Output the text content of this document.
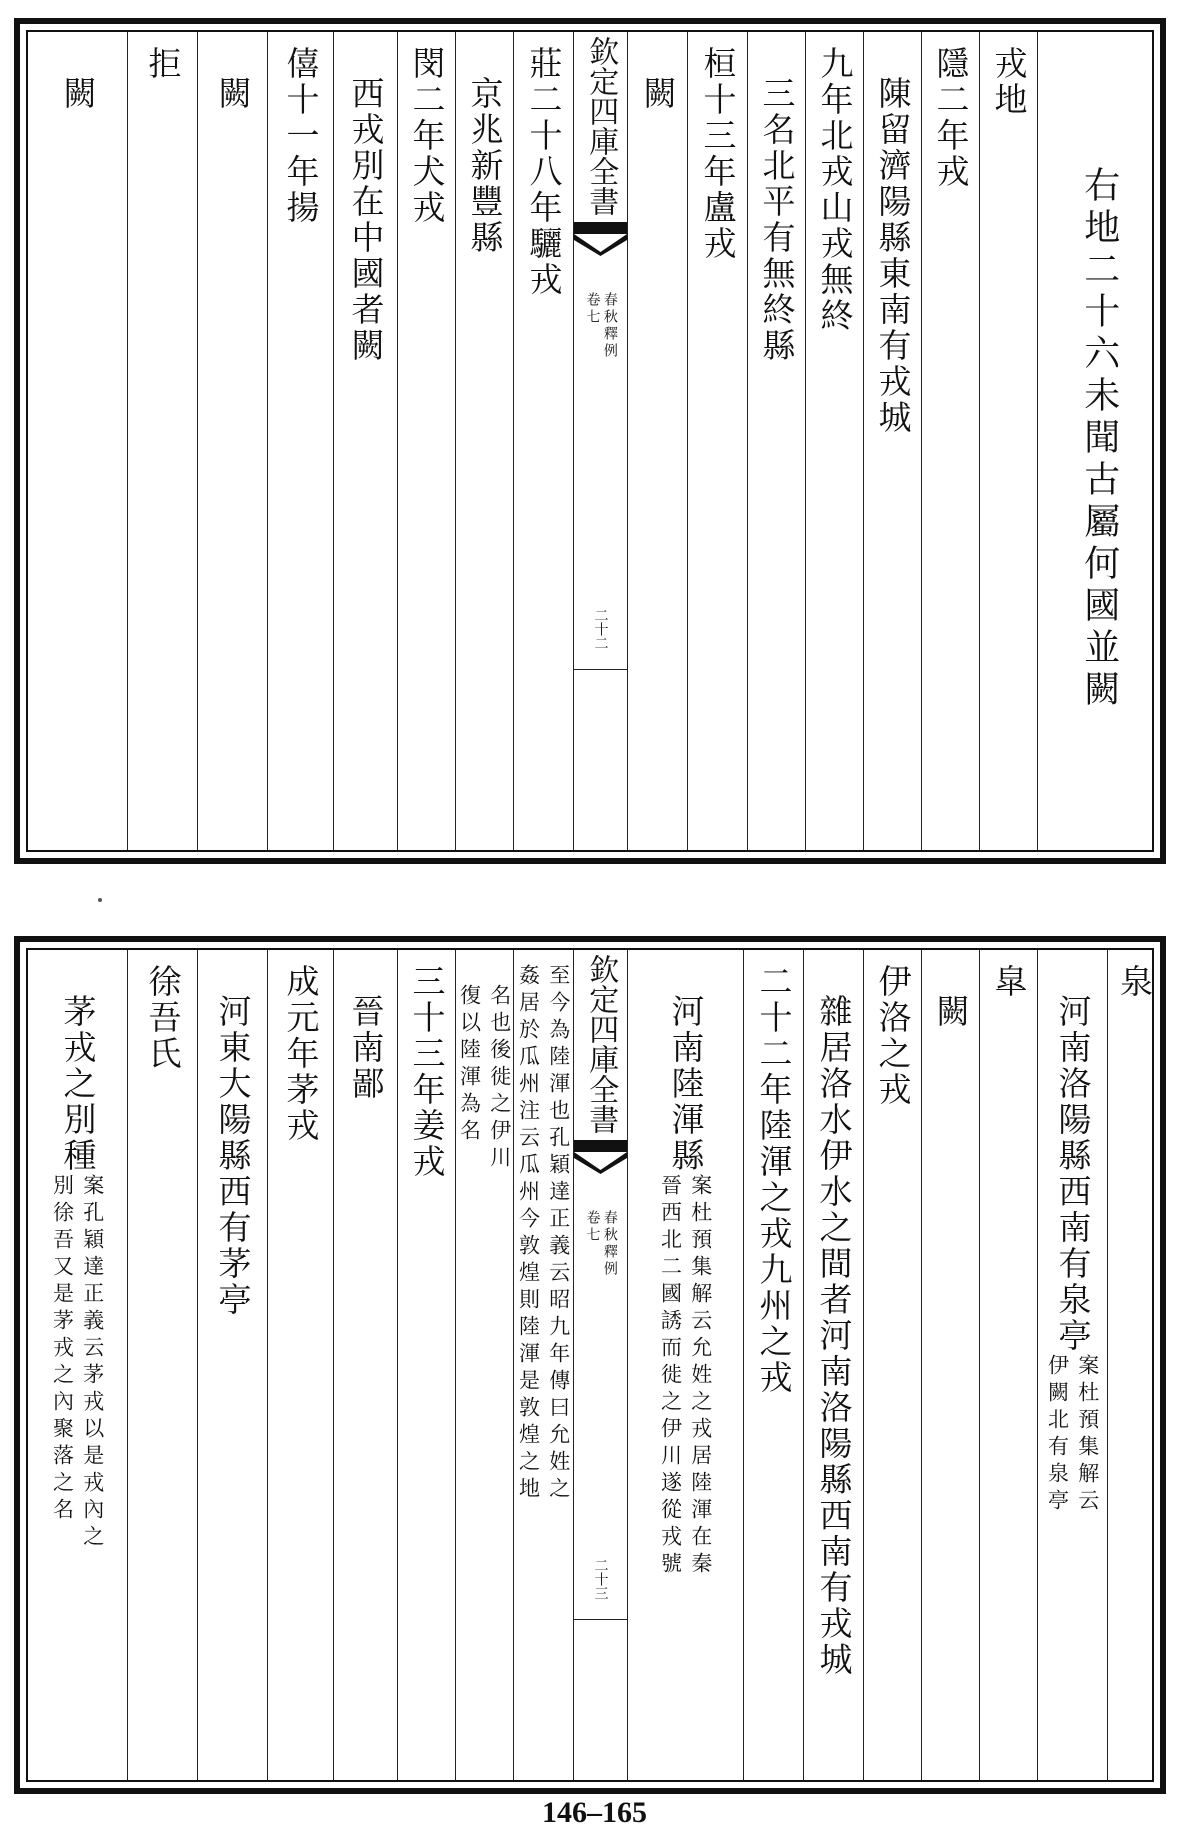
右地二十六未聞古屬何國並闕
戎地
隱二年戎
陳留濟陽縣東南有戎城
九年北戎山戎無終
三名北平有無終縣
桓十三年盧戎
闕
欽定四庫全書
春秋釋例
卷七
二十二
莊二十八年驪戎
京兆新豐縣
閔二年犬戎
西戎別在中國者闕
僖十一年揚
闕
拒
闕
泉
河南洛陽縣西南有泉亭
案杜預集解云
伊闕北有泉亭
皐
闕
伊洛之戎
雜居洛水伊水之間者河南洛陽縣西南有戎城
二十二年陸渾之戎九州之戎
河南陸渾縣
案杜預集解云允姓之戎居陸渾在秦
晉西北二國誘而徙之伊川遂從戎號
欽定四庫全書
春秋釋例
卷七
二十三
至今為陸渾也孔穎達正義云昭九年傳曰允姓之
姦居於瓜州注云瓜州今敦煌則陸渾是敦煌之地
名也後徙之伊川
復以陸渾為名
三十三年姜戎
晉南鄙
成元年茅戎
河東大陽縣西有茅亭
徐吾氏
茅戎之別種
案孔穎達正義云茅戎以是戎內之
別徐吾又是茅戎之內聚落之名
146–165
